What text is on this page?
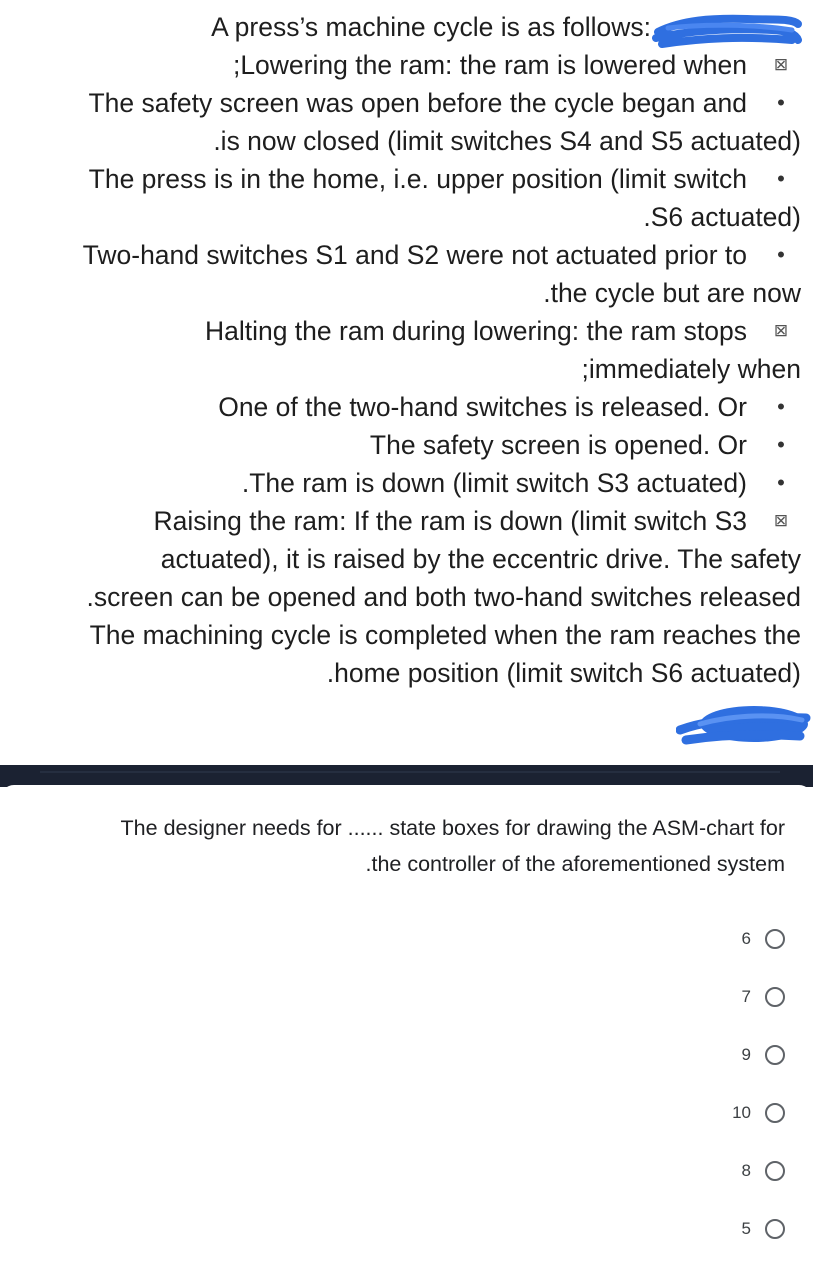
A press’s machine cycle is as follows:
;Lowering the ram: the ram is lowered when	⊠
The safety screen was open before the cycle began and	•
.is now closed (limit switches S4 and S5 actuated)
The press is in the home, i.e. upper position (limit switch	•
.S6 actuated)
Two-hand switches S1 and S2 were not actuated prior to	•
.the cycle but are now
Halting the ram during lowering: the ram stops	⊠
;immediately when
One of the two-hand switches is released. Or	•
The safety screen is opened. Or	•
.The ram is down (limit switch S3 actuated)	•
Raising the ram: If the ram is down (limit switch S3	⊠
actuated), it is raised by the eccentric drive. The safety
.screen can be opened and both two-hand switches released
The machining cycle is completed when the ram reaches the
.home position (limit switch S6 actuated)
The designer needs for ...... state boxes for drawing the ASM-chart for
.the controller of the aforementioned system
6
7
9
10
8
5
